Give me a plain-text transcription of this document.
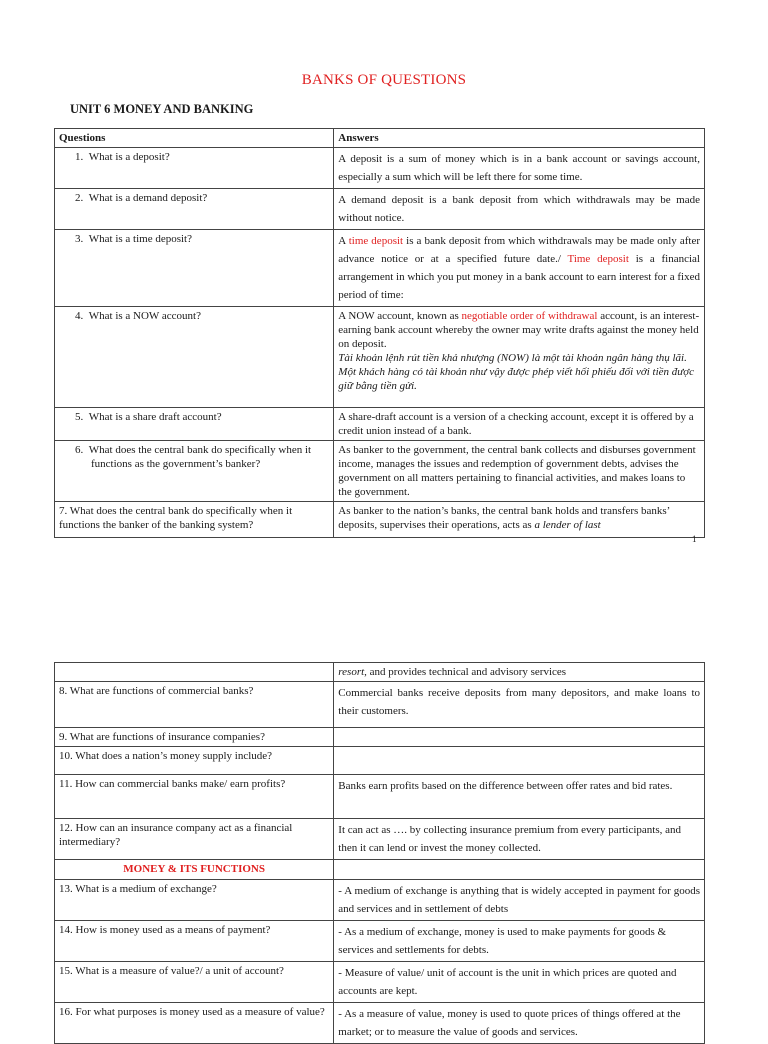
BANKS OF QUESTIONS
UNIT 6 MONEY AND BANKING
Questions	Answers
1. What is a deposit?	A deposit is a sum of money which is in a bank account or savings account, especially a sum which will be left there for some time.
2. What is a demand deposit?	A demand deposit is a bank deposit from which withdrawals may be made without notice.
3. What is a time deposit?	A time deposit is a bank deposit from which withdrawals may be made only after advance notice or at a specified future date./ Time deposit is a financial arrangement in which you put money in a bank account to earn interest for a fixed period of time:
4. What is a NOW account?	A NOW account, known as negotiable order of withdrawal account, is an interest-earning bank account whereby the owner may write drafts against the money held on deposit.
Tài khoản lệnh rút tiền khả nhượng (NOW) là một tài khoản ngân hàng thụ lãi. Một khách hàng có tài khoản như vậy được phép viết hối phiếu đối với tiền được giữ bằng tiền gửi.
5. What is a share draft account?	A share-draft account is a version of a checking account, except it is offered by a credit union instead of a bank.
6. What does the central bank do specifically when it functions as the government’s banker?	As banker to the government, the central bank collects and disburses government income, manages the issues and redemption of government debts, advises the government on all matters pertaining to financial activities, and makes loans to the government.
7. What does the central bank do specifically when it functions the banker of the banking system?	As banker to the nation’s banks, the central bank holds and transfers banks’ deposits, supervises their operations, acts as a lender of last
1
	resort, and provides technical and advisory services
8. What are functions of commercial banks?	Commercial banks receive deposits from many depositors, and make loans to their customers.
9. What are functions of insurance companies?	
10. What does a nation’s money supply include?	
11. How can commercial banks make/ earn profits?	Banks earn profits based on the difference between offer rates and bid rates.
12. How can an insurance company act as a financial intermediary?	It can act as …. by collecting insurance premium from every participants, and then it can lend or invest the money collected.
MONEY & ITS FUNCTIONS	
13. What is a medium of exchange?	- A medium of exchange is anything that is widely accepted in payment for goods and services and in settlement of debts
14. How is money used as a means of payment?	- As a medium of exchange, money is used to make payments for goods & services and settlements for debts.
15. What is a measure of value?/ a unit of account?	- Measure of value/ unit of account is the unit in which prices are quoted and accounts are kept.
16. For what purposes is money used as a measure of value?	- As a measure of value, money is used to quote prices of things offered at the market; or to measure the value of goods and services.
